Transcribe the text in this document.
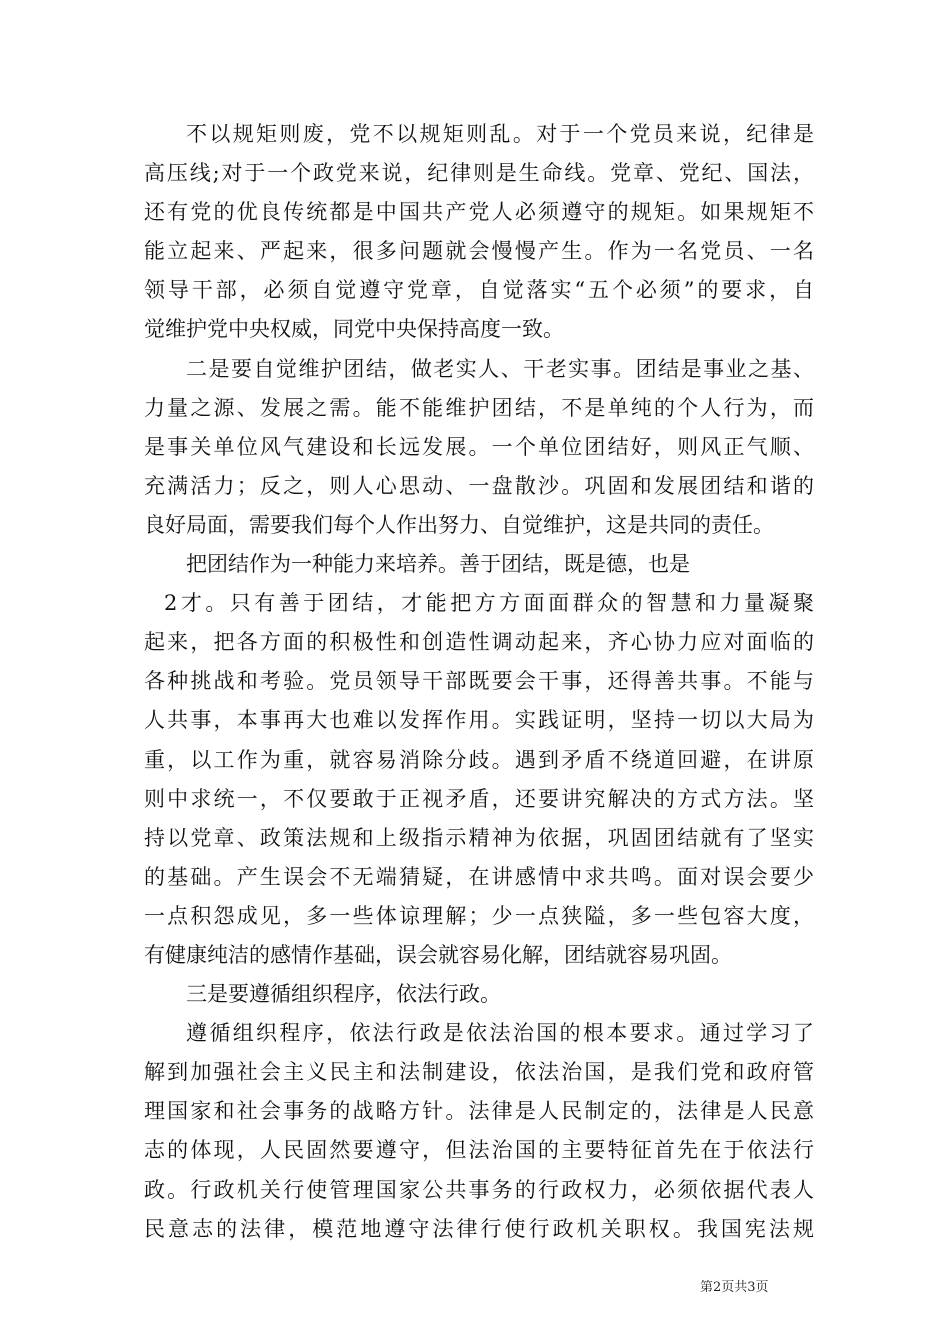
不以规矩则废，党不以规矩则乱。对于一个党员来说，纪律是
高压线;对于一个政党来说，纪律则是生命线。党章、党纪、国法，
还有党的优良传统都是中国共产党人必须遵守的规矩。如果规矩不
能立起来、严起来，很多问题就会慢慢产生。作为一名党员、一名
领导干部，必须自觉遵守党章，自觉落实“五个必须”的要求，自
觉维护党中央权威，同党中央保持高度一致。
二是要自觉维护团结，做老实人、干老实事。团结是事业之基、
力量之源、发展之需。能不能维护团结，不是单纯的个人行为，而
是事关单位风气建设和长远发展。一个单位团结好，则风正气顺、
充满活力；反之，则人心思动、一盘散沙。巩固和发展团结和谐的
良好局面，需要我们每个人作出努力、自觉维护，这是共同的责任。
把团结作为一种能力来培养。善于团结，既是德，也是
2才。只有善于团结，才能把方方面面群众的智慧和力量凝聚
起来，把各方面的积极性和创造性调动起来，齐心协力应对面临的
各种挑战和考验。党员领导干部既要会干事，还得善共事。不能与
人共事，本事再大也难以发挥作用。实践证明，坚持一切以大局为
重，以工作为重，就容易消除分歧。遇到矛盾不绕道回避，在讲原
则中求统一，不仅要敢于正视矛盾，还要讲究解决的方式方法。坚
持以党章、政策法规和上级指示精神为依据，巩固团结就有了坚实
的基础。产生误会不无端猜疑，在讲感情中求共鸣。面对误会要少
一点积怨成见，多一些体谅理解；少一点狭隘，多一些包容大度，
有健康纯洁的感情作基础，误会就容易化解，团结就容易巩固。
三是要遵循组织程序，依法行政。
遵循组织程序，依法行政是依法治国的根本要求。通过学习了
解到加强社会主义民主和法制建设，依法治国，是我们党和政府管
理国家和社会事务的战略方针。法律是人民制定的，法律是人民意
志的体现，人民固然要遵守，但法治国的主要特征首先在于依法行
政。行政机关行使管理国家公共事务的行政权力，必须依据代表人
民意志的法律，模范地遵守法律行使行政机关职权。我国宪法规
第2页共3页
